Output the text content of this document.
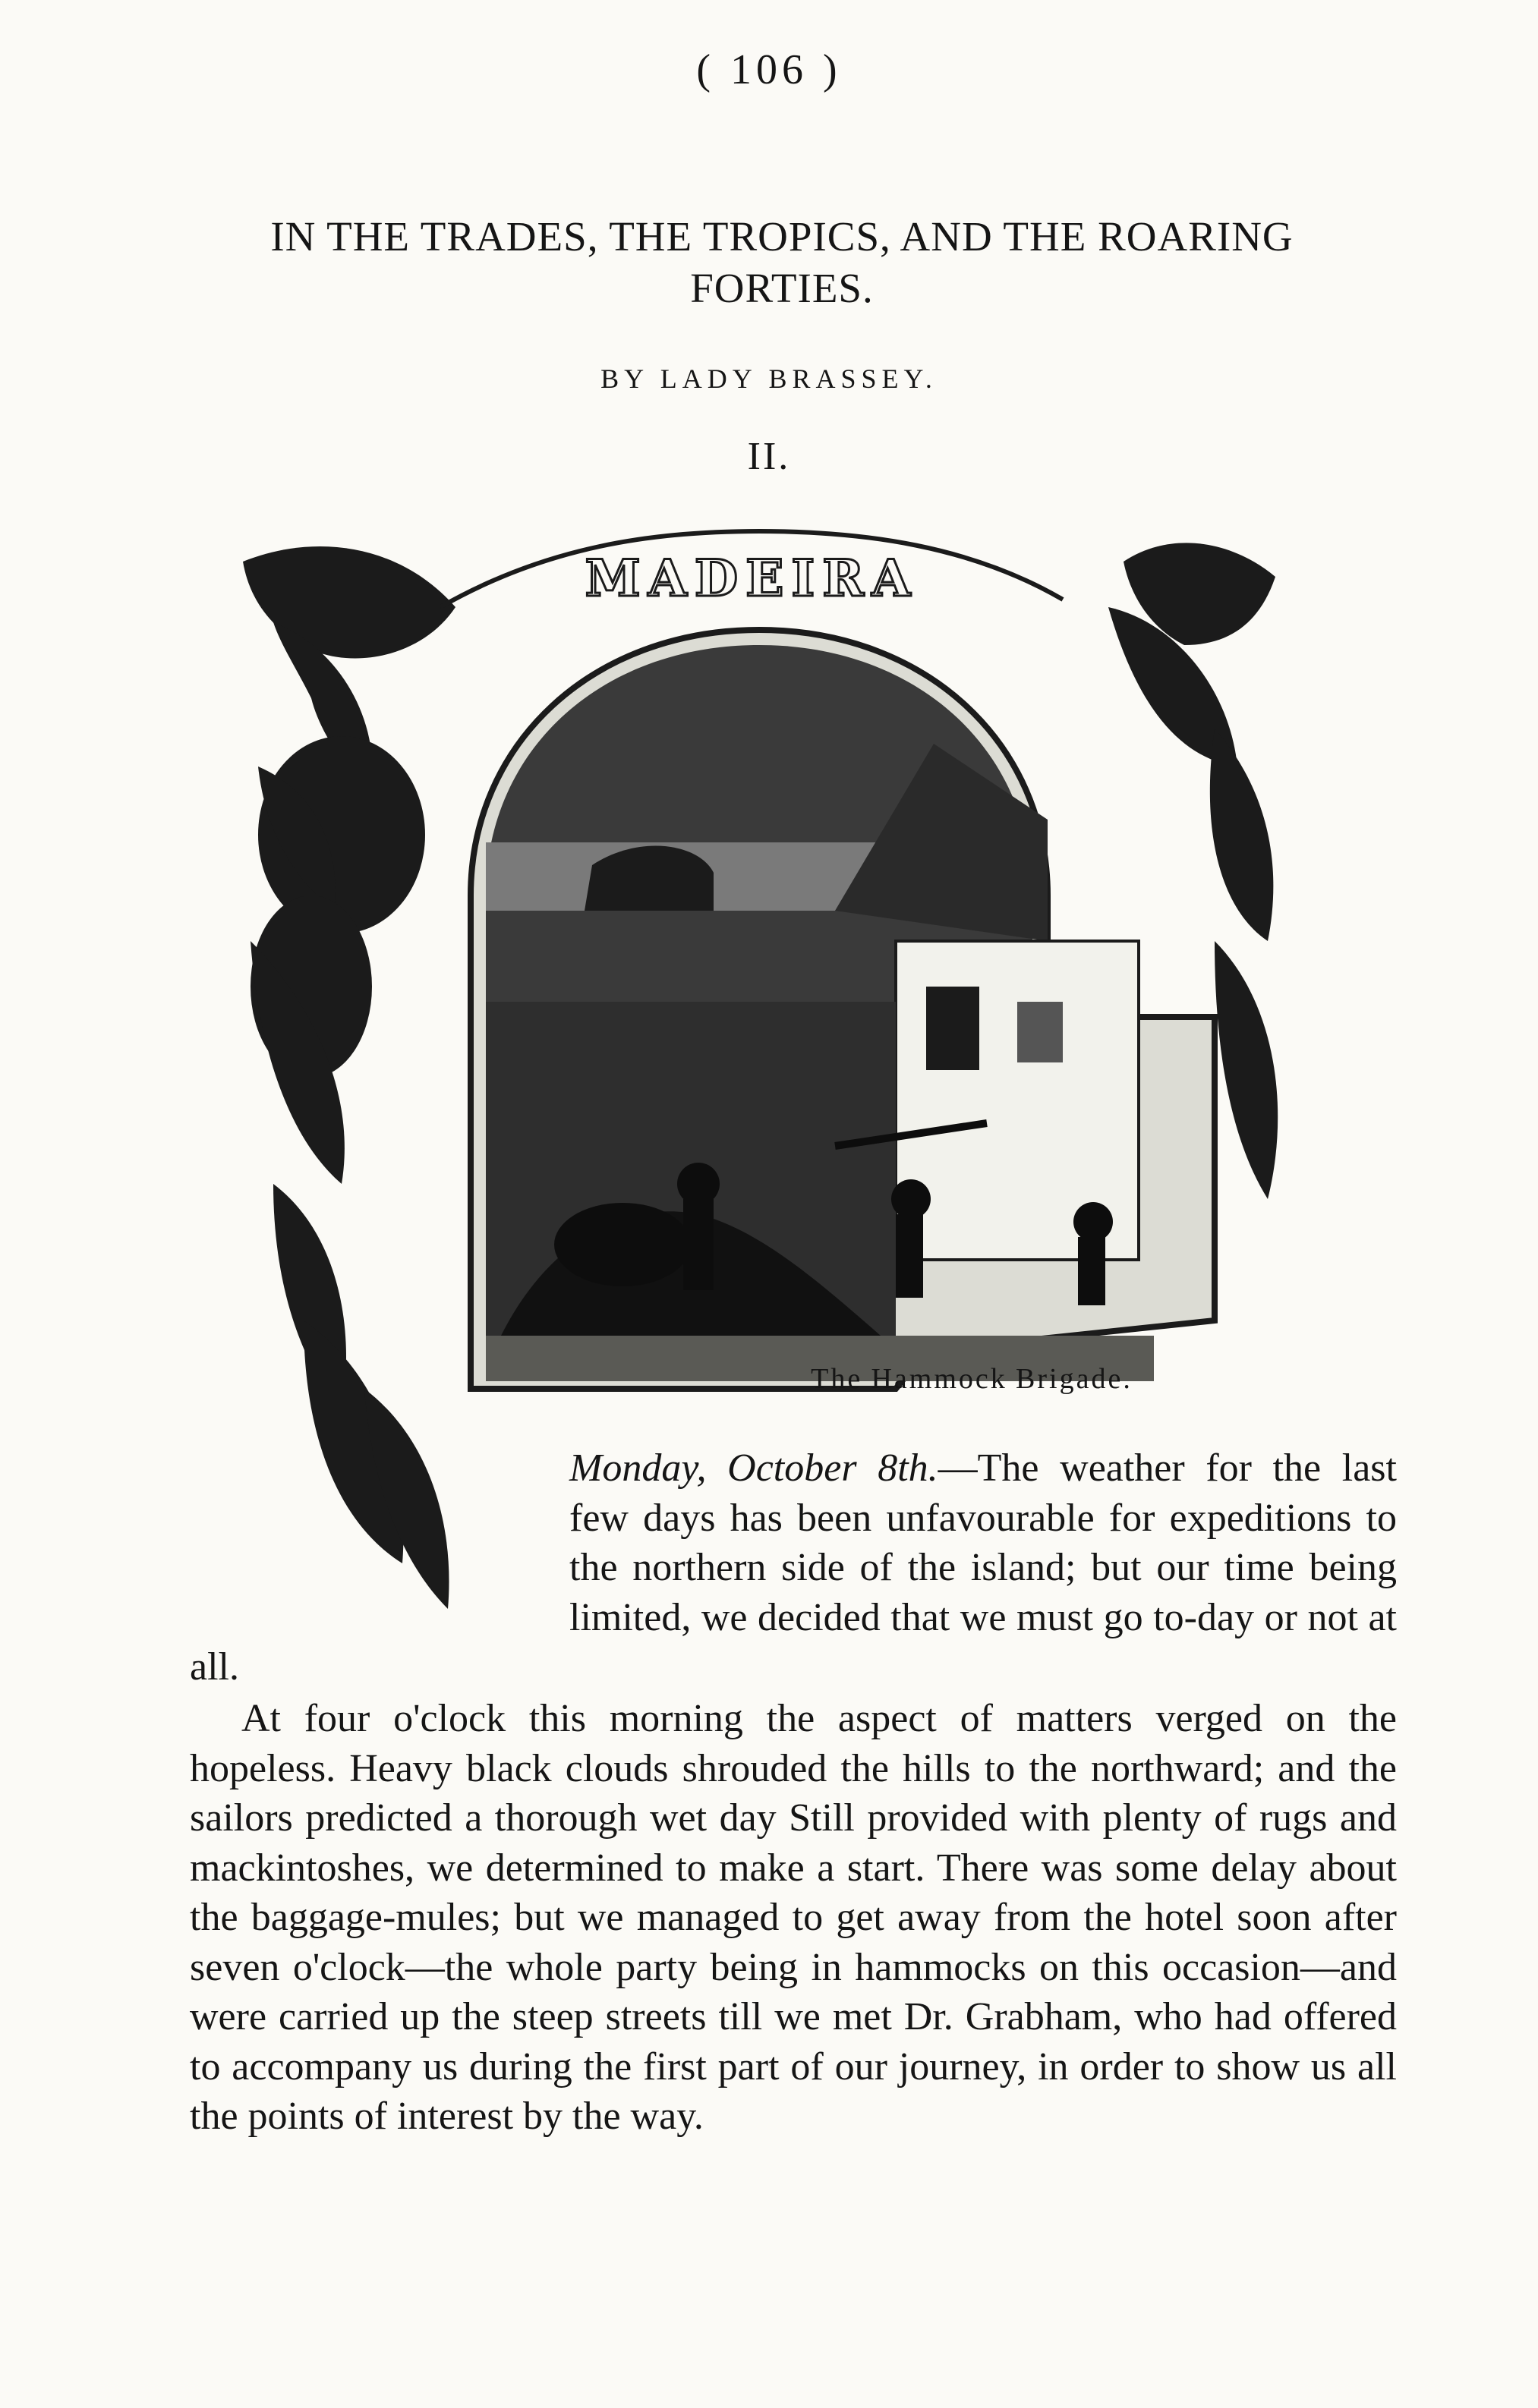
( 106 )
IN THE TRADES, THE TROPICS, AND THE ROARING
FORTIES.
BY LADY BRASSEY.
II.
MADEIRA
The Hammock Brigade.
Monday, October 8th.—The weather for the last few days has been unfavourable for expeditions to the northern side of the island; but our time being limited, we decided that we must go to-day or not at all.
At four o'clock this morning the aspect of matters verged on the hopeless. Heavy black clouds shrouded the hills to the northward; and the sailors predicted a thorough wet day Still provided with plenty of rugs and mackintoshes, we determined to make a start. There was some delay about the baggage-mules; but we managed to get away from the hotel soon after seven o'clock—the whole party being in hammocks on this occasion—and were carried up the steep streets till we met Dr. Grabham, who had offered to accompany us during the first part of our journey, in order to show us all the points of interest by the way.
